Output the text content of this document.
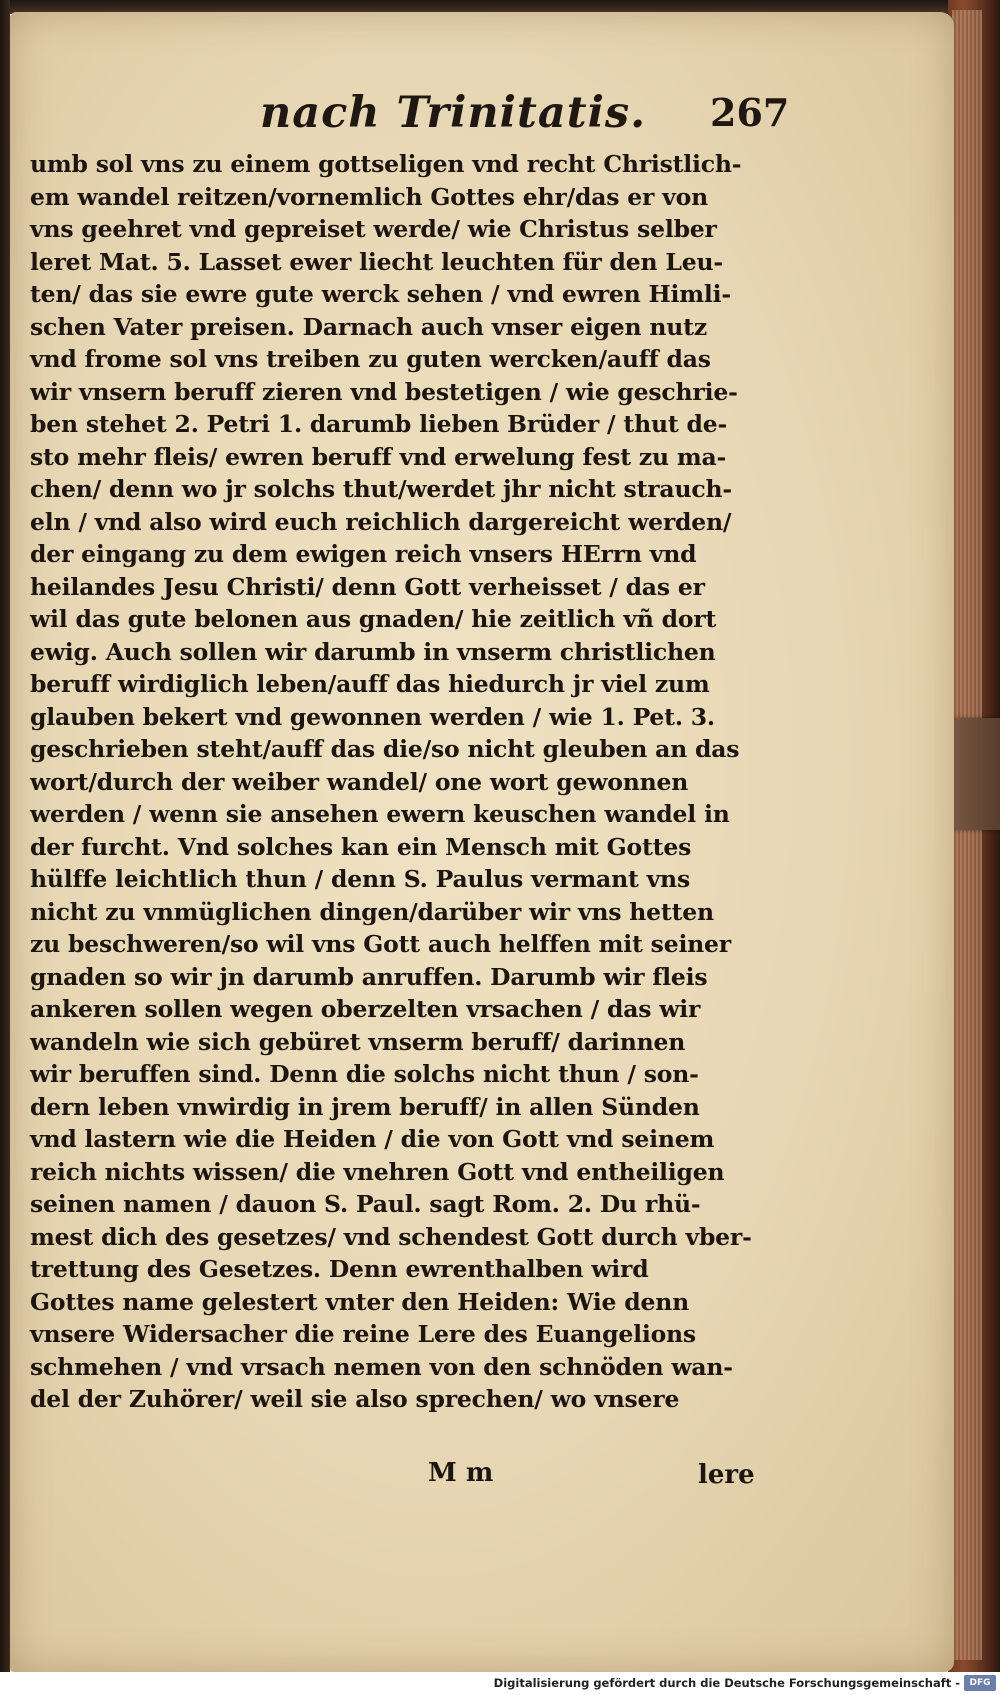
nach Trinitatis. 267
umb sol vns zu einem gottseligen vnd recht Christlich-
em wandel reitzen/vornemlich Gottes ehr/das er von
vns geehret vnd gepreiset werde/ wie Christus selber
leret Mat. 5. Lasset ewer liecht leuchten für den Leu-
ten/ das sie ewre gute werck sehen / vnd ewren Himli-
schen Vater preisen. Darnach auch vnser eigen nutz
vnd frome sol vns treiben zu guten wercken/auff das
wir vnsern beruff zieren vnd bestetigen / wie geschrie-
ben stehet 2. Petri 1. darumb lieben Brüder / thut de-
sto mehr fleis/ ewren beruff vnd erwelung fest zu ma-
chen/ denn wo jr solchs thut/werdet jhr nicht strauch-
eln / vnd also wird euch reichlich dargereicht werden/
der eingang zu dem ewigen reich vnsers HErrn vnd
heilandes Jesu Christi/ denn Gott verheisset / das er
wil das gute belonen aus gnaden/ hie zeitlich vñ dort
ewig. Auch sollen wir darumb in vnserm christlichen
beruff wirdiglich leben/auff das hiedurch jr viel zum
glauben bekert vnd gewonnen werden / wie 1. Pet. 3.
geschrieben steht/auff das die/so nicht gleuben an das
wort/durch der weiber wandel/ one wort gewonnen
werden / wenn sie ansehen ewern keuschen wandel in
der furcht. Vnd solches kan ein Mensch mit Gottes
hülffe leichtlich thun / denn S. Paulus vermant vns
nicht zu vnmüglichen dingen/darüber wir vns hetten
zu beschweren/so wil vns Gott auch helffen mit seiner
gnaden so wir jn darumb anruffen. Darumb wir fleis
ankeren sollen wegen oberzelten vrsachen / das wir
wandeln wie sich gebüret vnserm beruff/ darinnen
wir beruffen sind. Denn die solchs nicht thun / son-
dern leben vnwirdig in jrem beruff/ in allen Sünden
vnd lastern wie die Heiden / die von Gott vnd seinem
reich nichts wissen/ die vnehren Gott vnd entheiligen
seinen namen / dauon S. Paul. sagt Rom. 2. Du rhü-
mest dich des gesetzes/ vnd schendest Gott durch vber-
trettung des Gesetzes. Denn ewrenthalben wird
Gottes name gelestert vnter den Heiden: Wie denn
vnsere Widersacher die reine Lere des Euangelions
schmehen / vnd vrsach nemen von den schnöden wan-
del der Zuhörer/ weil sie also sprechen/ wo vnsere
M m	lere
Digitalisierung gefördert durch die Deutsche Forschungsgemeinschaft -	DFG
